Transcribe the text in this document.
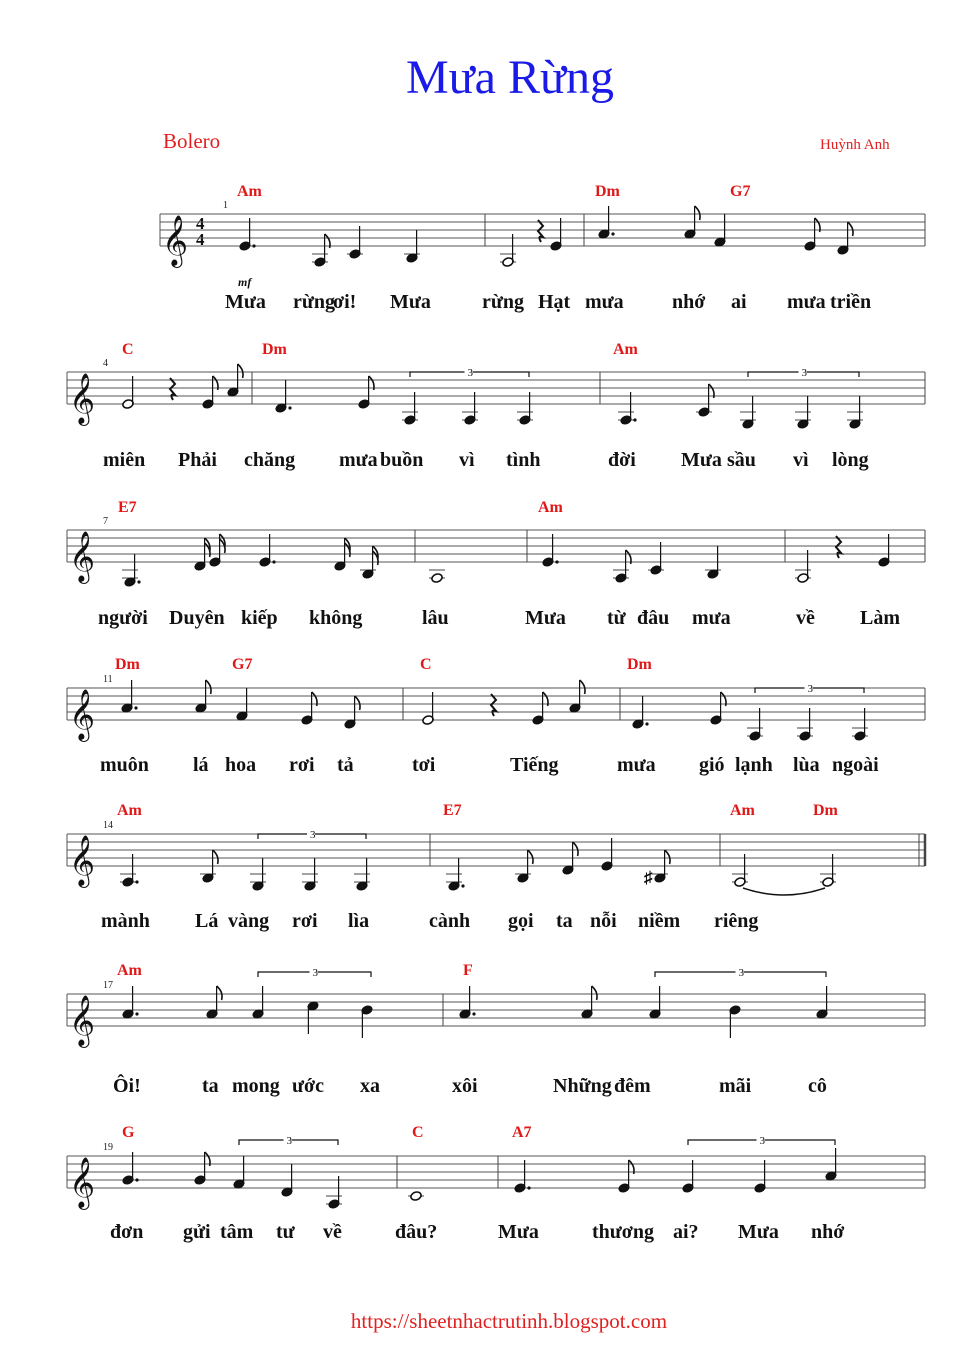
Mưa Rừng
Bolero	Huỳnh Anh
mf
4
4
https://sheetnhactrutinh.blogspot.com
𝄞
1
Am	Dm	G7
Mưa rừng
ơi! Mưa	rừng Hạt mưa nhớ ai mưa triền
𝄞
4
C	Dm	Am
miên Phải chăng mưa buồn vì tình	đời Mưa sầu vì lòng
3	3
𝄞
7
E7	Am
người Duyên kiếp không	lâu	Mưa từ đâu mưa	về Làm
𝄞
11
Dm	G7	C	Dm
muôn lá hoa rơi tả	tơi	Tiếng	mưa gió lạnh lùa ngoài
3
𝄞
14
Am	E7	Am	Dm
mành Lá vàng rơi lìa	cành gọi ta nỗi niềm riêng
♯
3
𝄞
17
Am	F
Ôi!	ta mong ước xa	xôi	Những đêm	mãi	cô
3	3
𝄞
19
G	C	A7
đơn gửi tâm tư về	đâu?	Mưa	thương ai? Mưa nhớ
3	3
